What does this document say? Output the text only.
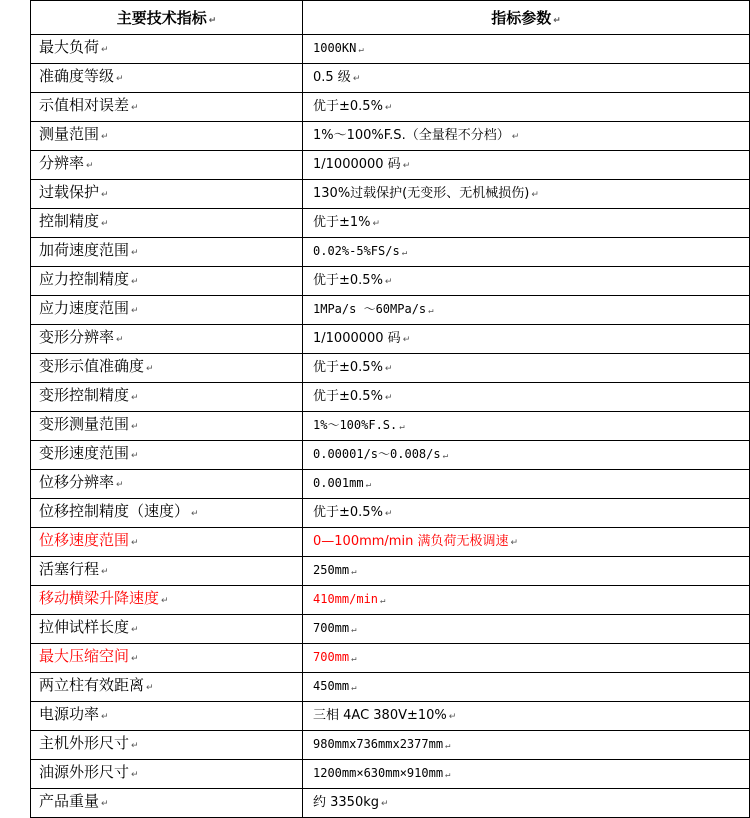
主要技术指标 ↵	指标参数 ↵
最大负荷 ↵	1000KN ↵
准确度等级 ↵	0.5 级 ↵
示值相对误差 ↵	优于±0.5% ↵
测量范围 ↵	1%～100%F.S.（全量程不分档） ↵
分辨率 ↵	1/1000000 码 ↵
过载保护 ↵	130%过载保护(无变形、无机械损伤) ↵
控制精度 ↵	优于±1% ↵
加荷速度范围 ↵	0.02%-5%FS/s ↵
应力控制精度 ↵	优于±0.5% ↵
应力速度范围 ↵	1MPa/s ～60MPa/s ↵
变形分辨率 ↵	1/1000000 码 ↵
变形示值准确度 ↵	优于±0.5% ↵
变形控制精度 ↵	优于±0.5% ↵
变形测量范围 ↵	1%～100%F.S. ↵
变形速度范围 ↵	0.00001/s～0.008/s ↵
位移分辨率 ↵	0.001mm ↵
位移控制精度（速度） ↵	优于±0.5% ↵
位移速度范围 ↵	0—100mm/min 满负荷无极调速 ↵
活塞行程 ↵	250mm ↵
移动横梁升降速度 ↵	410mm/min ↵
拉伸试样长度 ↵	700mm ↵
最大压缩空间 ↵	700mm ↵
两立柱有效距离 ↵	450mm ↵
电源功率 ↵	三相 4AC 380V±10% ↵
主机外形尺寸 ↵	980mmx736mmx2377mm ↵
油源外形尺寸 ↵	1200mm×630mm×910mm ↵
产品重量 ↵	约 3350kg ↵
